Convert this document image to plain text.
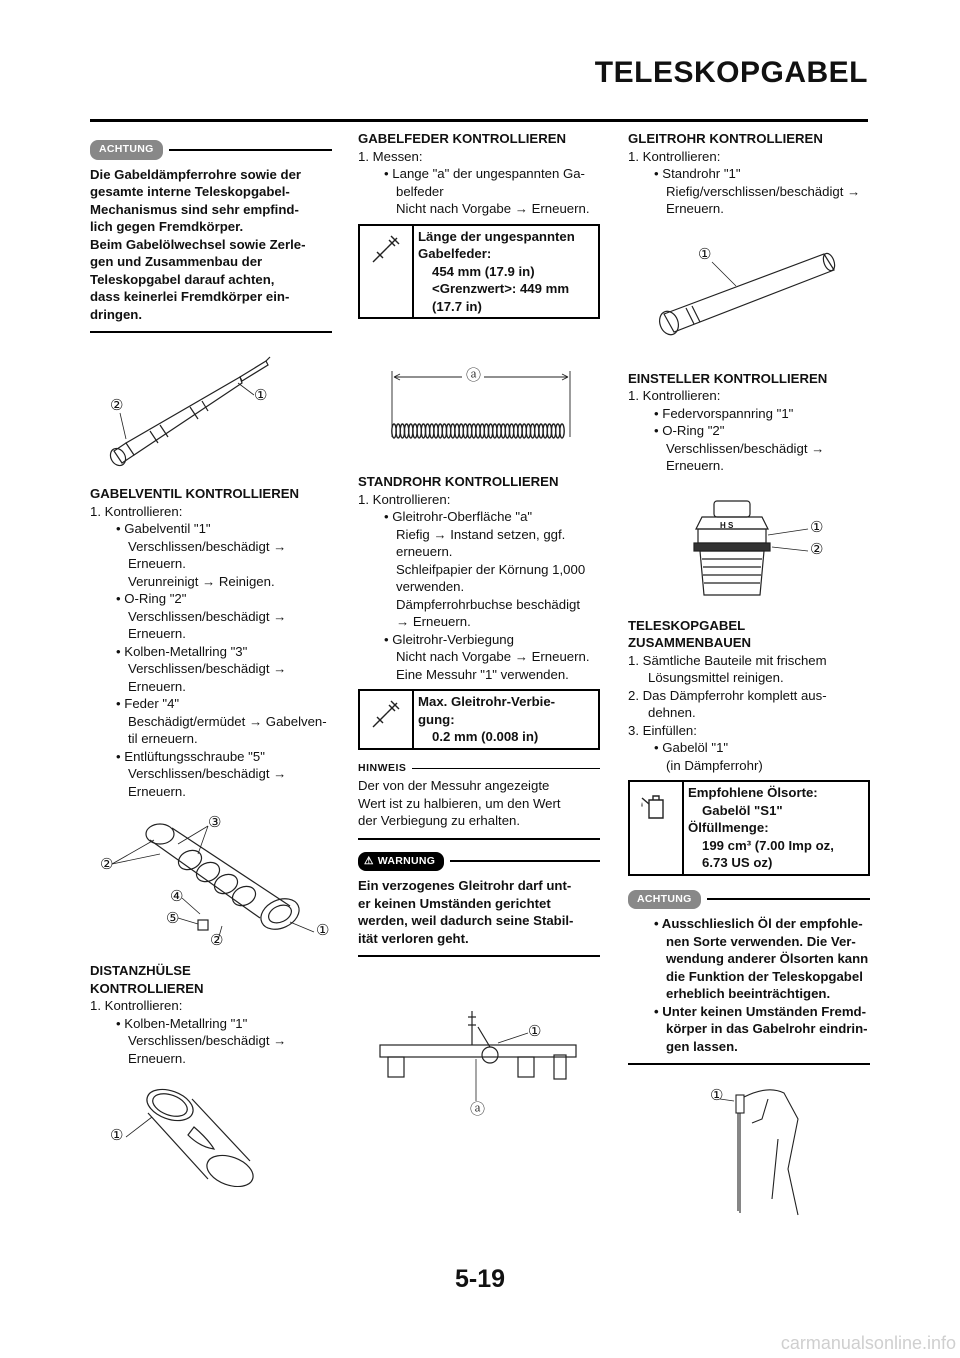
TELESKOPGABEL
ACHTUNG

Die Gabeldämpferrohre sowie der

gesamte interne Teleskopgabel-

Mechanismus sind sehr empfind-

lich gegen Fremdkörper.

Beim Gabelölwechsel sowie Zerle-

gen und Zusammenbau der

Teleskopgabel darauf achten,

dass keinerlei Fremdkörper ein-

dringen.

①
②

GABELVENTIL KONTROLLIEREN

1. Kontrollieren:

• Gabelventil "1"

Verschlissen/beschädigt →

Erneuern.

Verunreinigt → Reinigen.

• O-Ring "2"

Verschlissen/beschädigt →

Erneuern.

• Kolben-Metallring "3"

Verschlissen/beschädigt →

Erneuern.

• Feder "4"

Beschädigt/ermüdet → Gabelven-

til erneuern.

• Entlüftungsschraube "5"

Verschlissen/beschädigt →

Erneuern.

③
②
④
⑤
②
①

DISTANZHÜLSE

KONTROLLIEREN

1. Kontrollieren:

• Kolben-Metallring "1"

Verschlissen/beschädigt →

Erneuern.

①

GABELFEDER KONTROLLIEREN

1. Messen:

• Lange "a" der ungespannten Ga-

belfeder

Nicht nach Vorgabe → Erneuern.

Länge der ungespannten

Gabelfeder:

454 mm (17.9 in)

<Grenzwert>: 449 mm

(17.7 in)

ⓐ

STANDROHR KONTROLLIEREN

1. Kontrollieren:

• Gleitrohr-Oberfläche "a"

Riefig → Instand setzen, ggf.

erneuern.

Schleifpapier der Körnung 1,000

verwenden.

Dämpferrohrbuchse beschädigt

→ Erneuern.

• Gleitrohr-Verbiegung

Nicht nach Vorgabe → Erneuern.

Eine Messuhr "1" verwenden.

Max. Gleitrohr-Verbie-

gung:

0.2 mm (0.008 in)

HINWEIS

Der von der Messuhr angezeigte

Wert ist zu halbieren, um den Wert

der Verbiegung zu erhalten.

⚠ WARNUNG

Ein verzogenes Gleitrohr darf unt-

er keinen Umständen gerichtet

werden, weil dadurch seine Stabil-

ität verloren geht.

①
ⓐ

GLEITROHR KONTROLLIEREN

1. Kontrollieren:

• Standrohr "1"

Riefig/verschlissen/beschädigt →

Erneuern.

①

EINSTELLER KONTROLLIEREN

1. Kontrollieren:

• Federvorspannring "1"

• O-Ring "2"

Verschlissen/beschädigt →

Erneuern.

H S	①
②

TELESKOPGABEL

ZUSAMMENBAUEN

1. Sämtliche Bauteile mit frischem Lösungsmittel reinigen.

2. Das Dämpferrohr komplett aus- dehnen.

3. Einfüllen:

• Gabelöl "1"

(in Dämpferrohr)

Empfohlene Ölsorte:

Gabelöl "S1"

Ölfüllmenge:

199 cm³ (7.00 Imp oz,

6.73 US oz)

ACHTUNG

• Ausschlieslich Öl der empfohle-

nen Sorte verwenden. Die Ver-

wendung anderer Ölsorten kann

die Funktion der Teleskopgabel

erheblich beeinträchtigen.

• Unter keinen Umständen Fremd-

körper in das Gabelrohr eindrin-

gen lassen.

①
5-19
carmanualsonline.info
